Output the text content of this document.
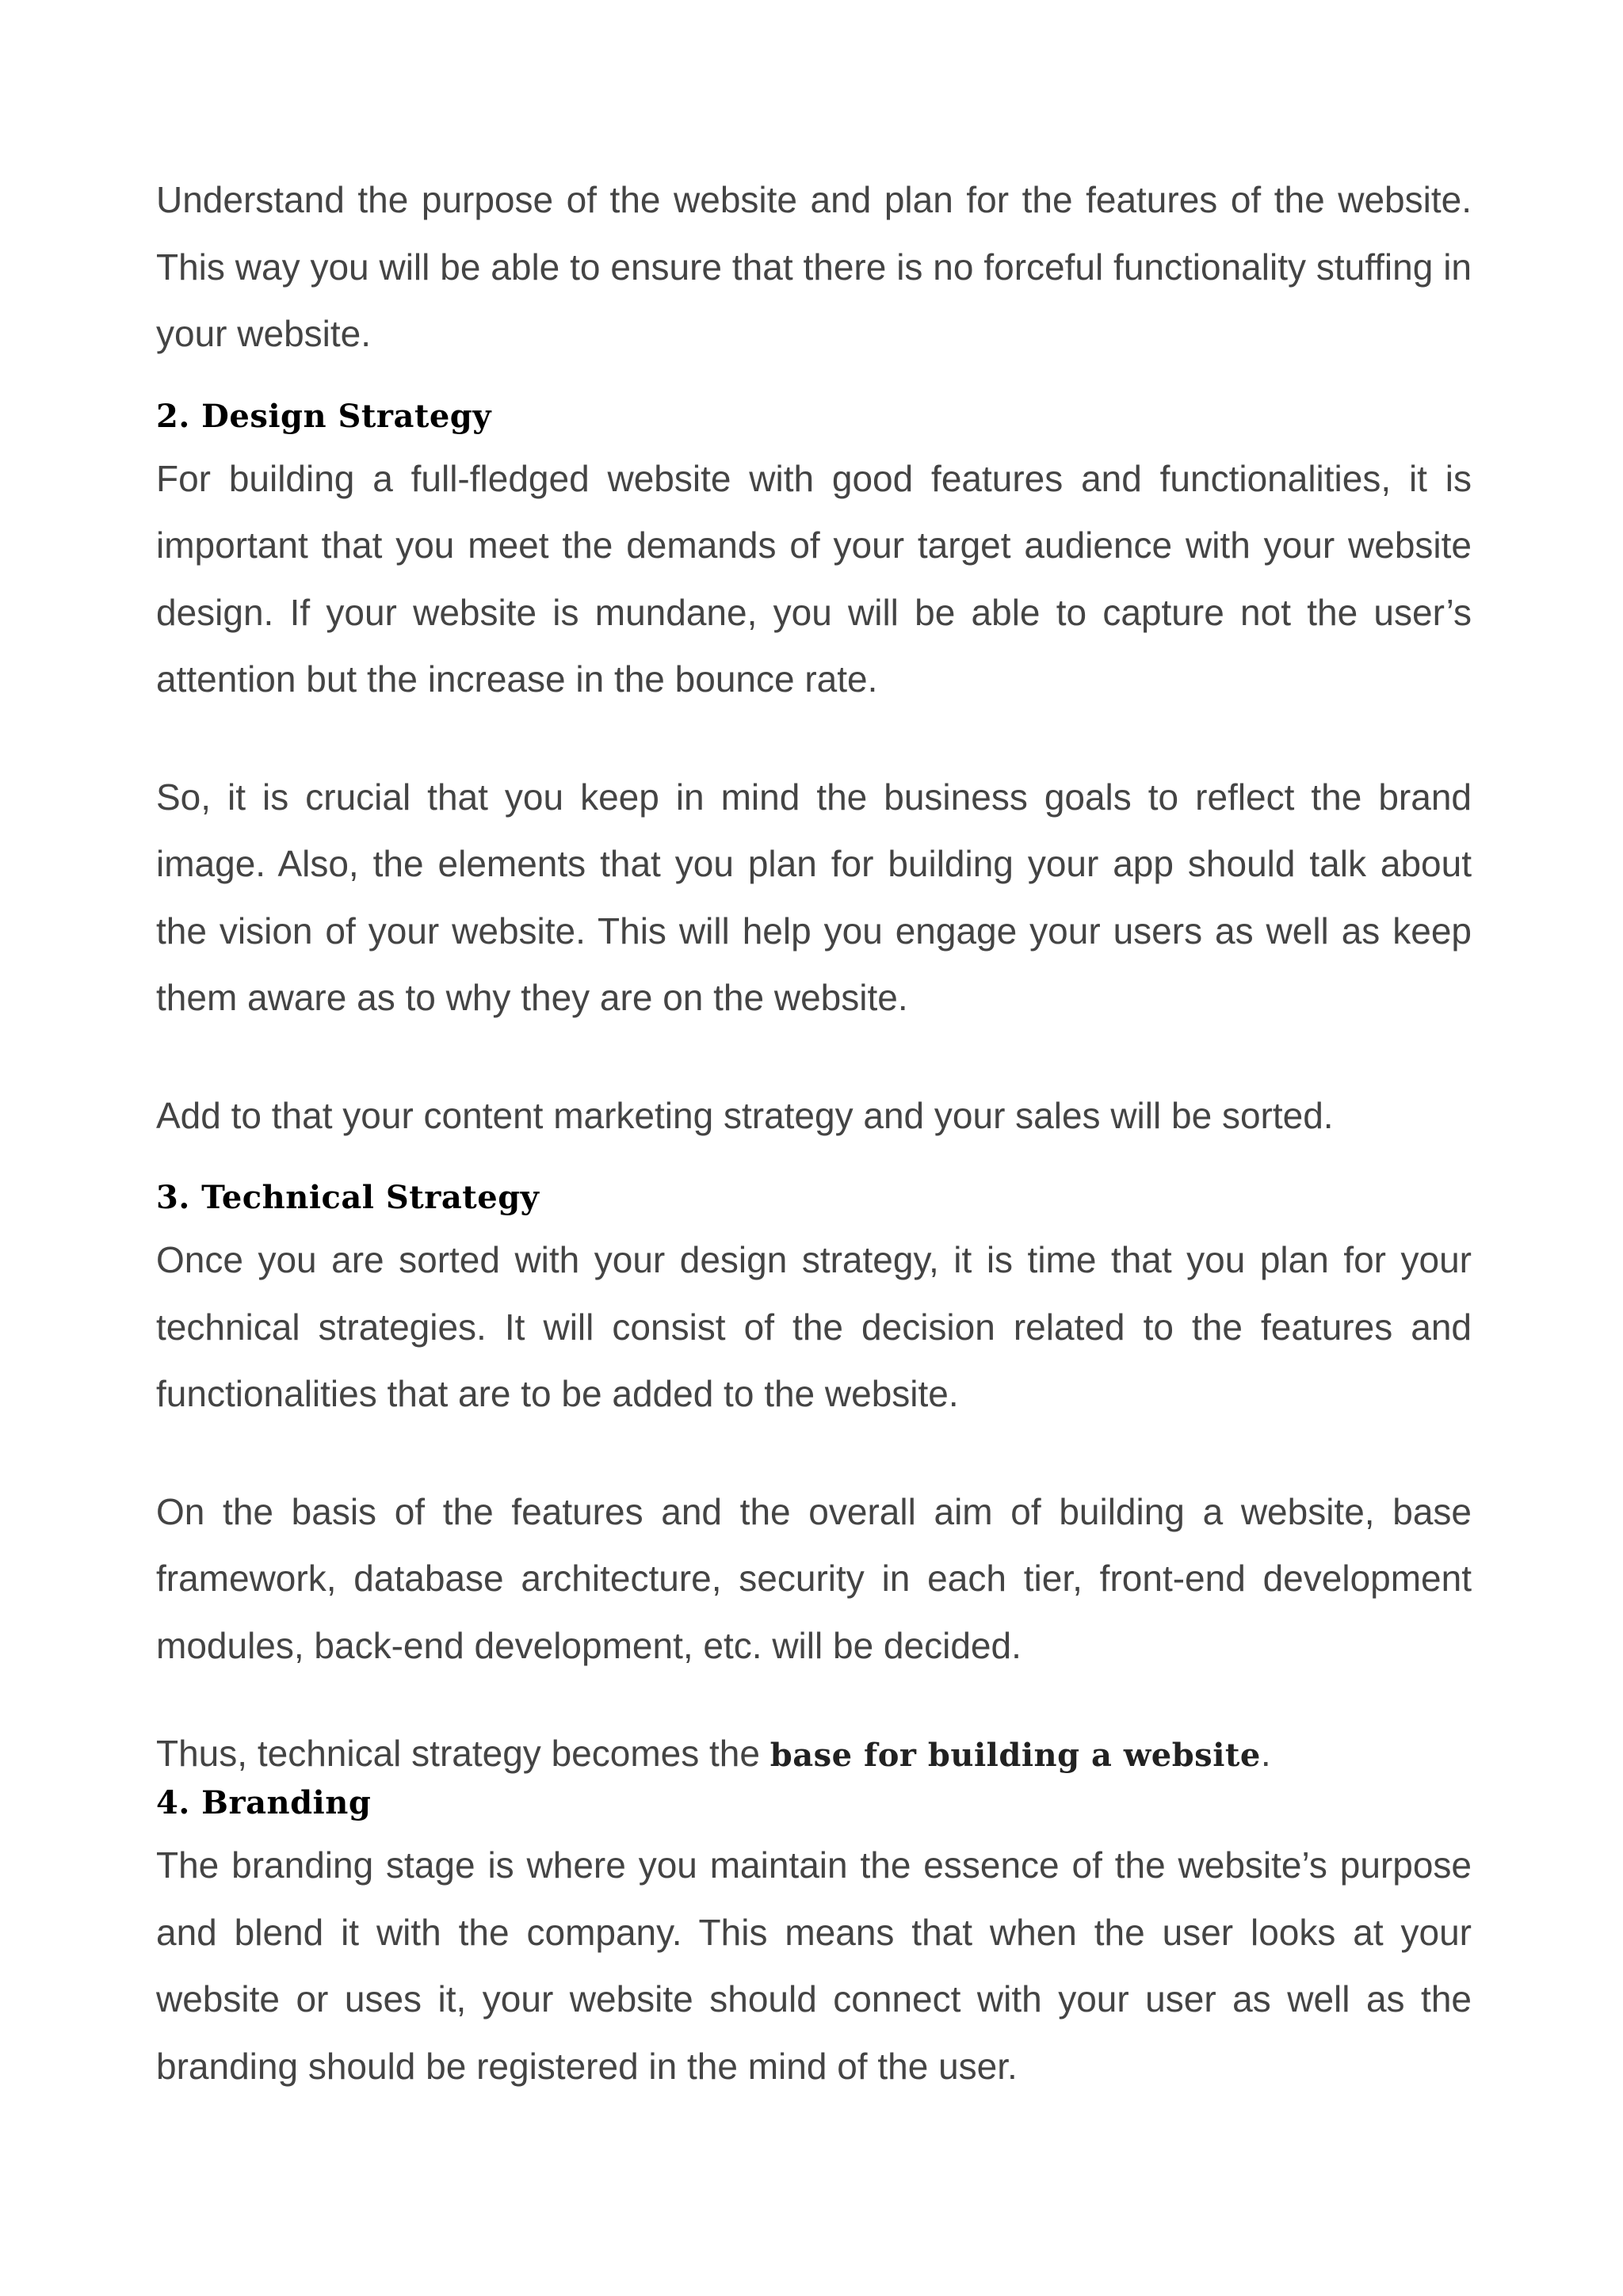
Understand the purpose of the website and plan for the features of the website. This way you will be able to ensure that there is no forceful functionality stuffing in your website.

2. Design Strategy

For building a full-fledged website with good features and functionalities, it is important that you meet the demands of your target audience with your website design. If your website is mundane, you will be able to capture not the user’s attention but the increase in the bounce rate.

So, it is crucial that you keep in mind the business goals to reflect the brand image. Also, the elements that you plan for building your app should talk about the vision of your website. This will help you engage your users as well as keep them aware as to why they are on the website.

Add to that your content marketing strategy and your sales will be sorted.

3. Technical Strategy

Once you are sorted with your design strategy, it is time that you plan for your technical strategies. It will consist of the decision related to the features and functionalities that are to be added to the website.

On the basis of the features and the overall aim of building a website, base framework, database architecture, security in each tier, front-end development modules, back-end development, etc. will be decided.

Thus, technical strategy becomes the base for building a website.

4. Branding

The branding stage is where you maintain the essence of the website’s purpose and blend it with the company. This means that when the user looks at your website or uses it, your website should connect with your user as well as the branding should be registered in the mind of the user.
